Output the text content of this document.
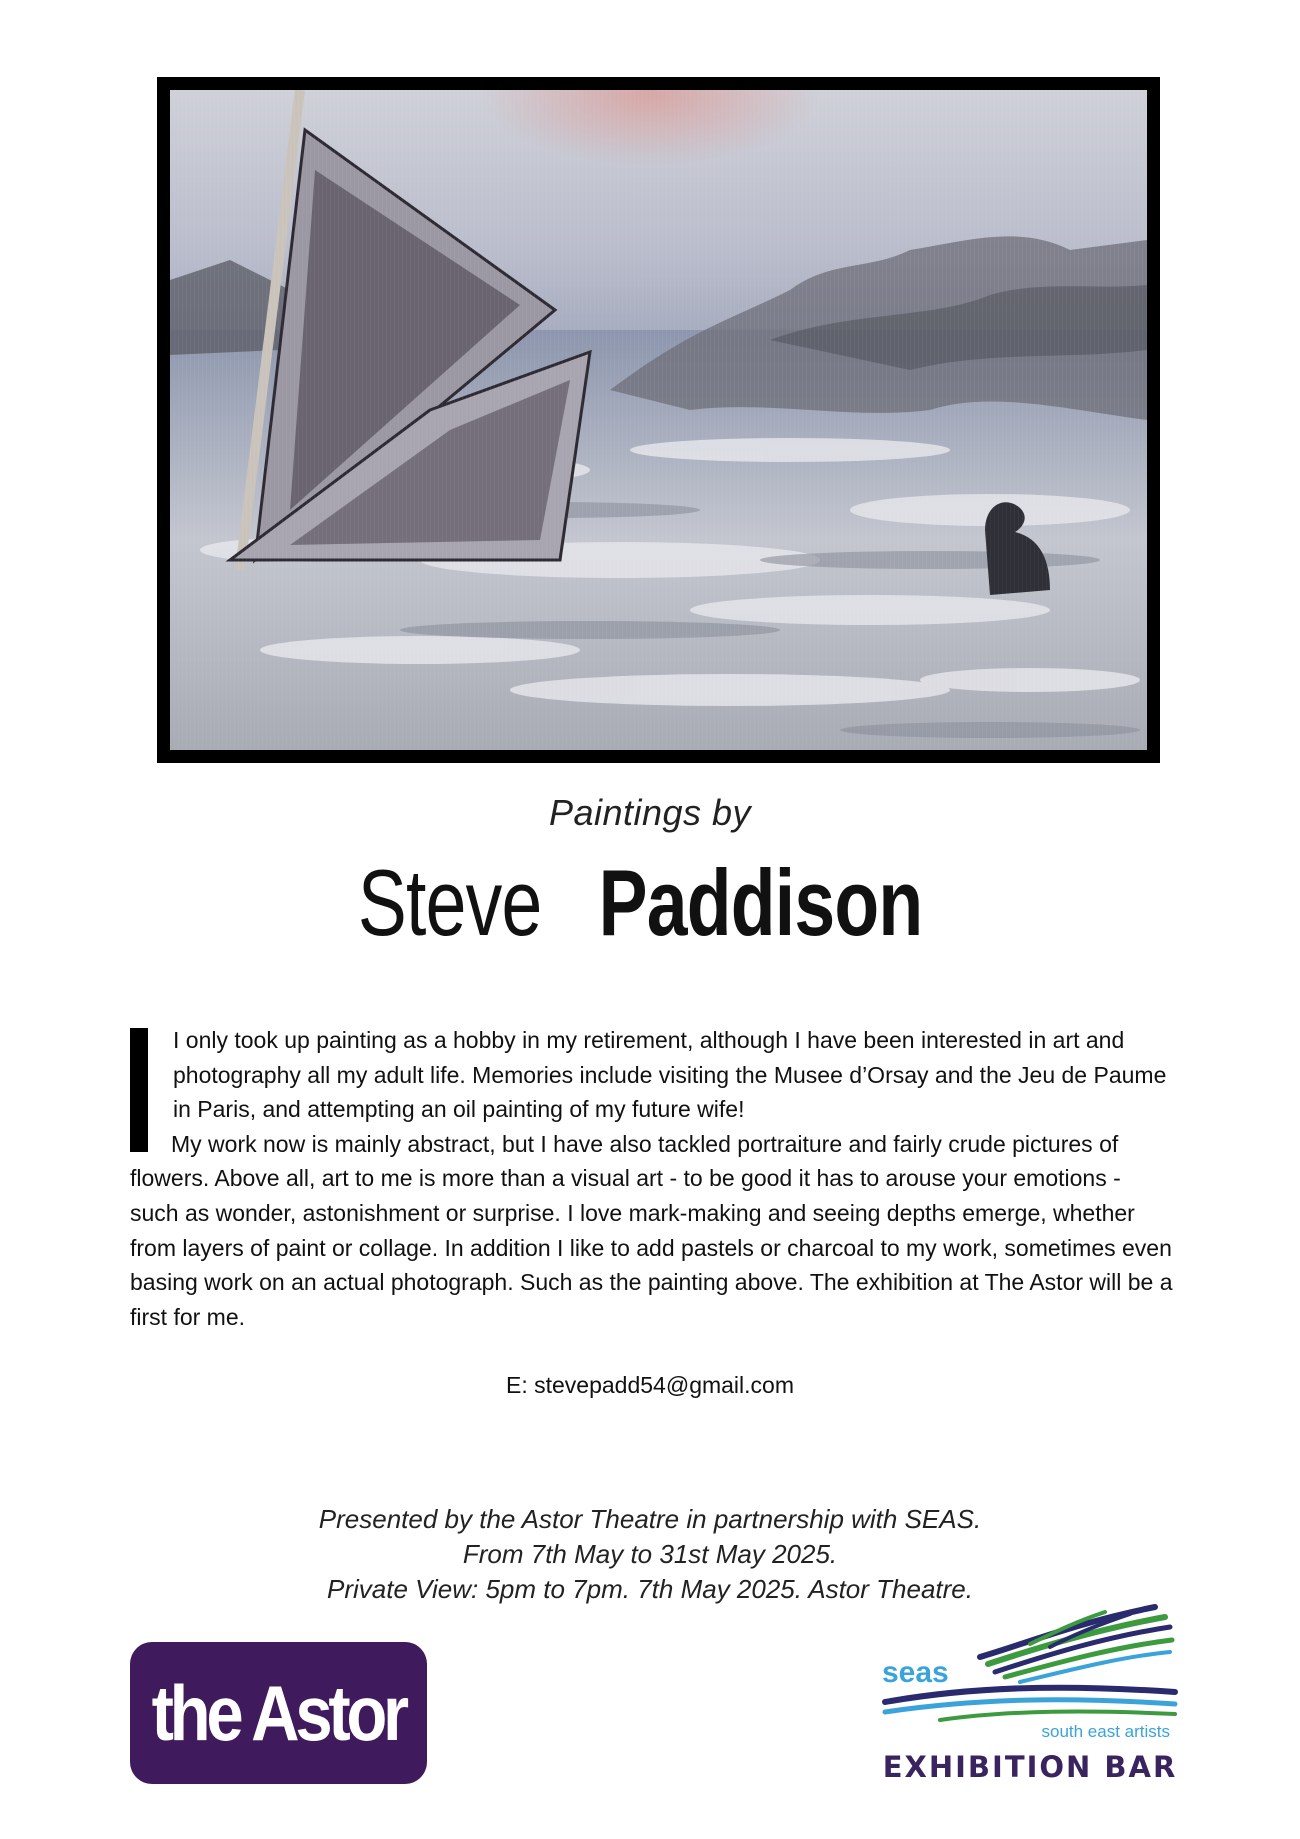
Paintings by
Steve Paddison

I only took up painting as a hobby in my retirement, although I have been interested in art and photography all my adult life. Memories include visiting the Musee d’Orsay and the Jeu de Paume in Paris, and attempting an oil painting of my future wife!

My work now is mainly abstract, but I have also tackled portraiture and fairly crude pictures of flowers. Above all, art to me is more than a visual art - to be good it has to arouse your emotions - such as wonder, astonishment or surprise. I love mark-making and seeing depths emerge, whether from layers of paint or collage. In addition I like to add pastels or charcoal to my work, sometimes even basing work on an actual photograph. Such as the painting above. The exhibition at The Astor will be a first for me.

E: stevepadd54@gmail.com
Presented by the Astor Theatre in partnership with SEAS.
From 7th May to 31st May 2025.
Private View: 5pm to 7pm. 7th May 2025. Astor Theatre.
the Astor	seas
south east artists
EXHIBITION BAR
